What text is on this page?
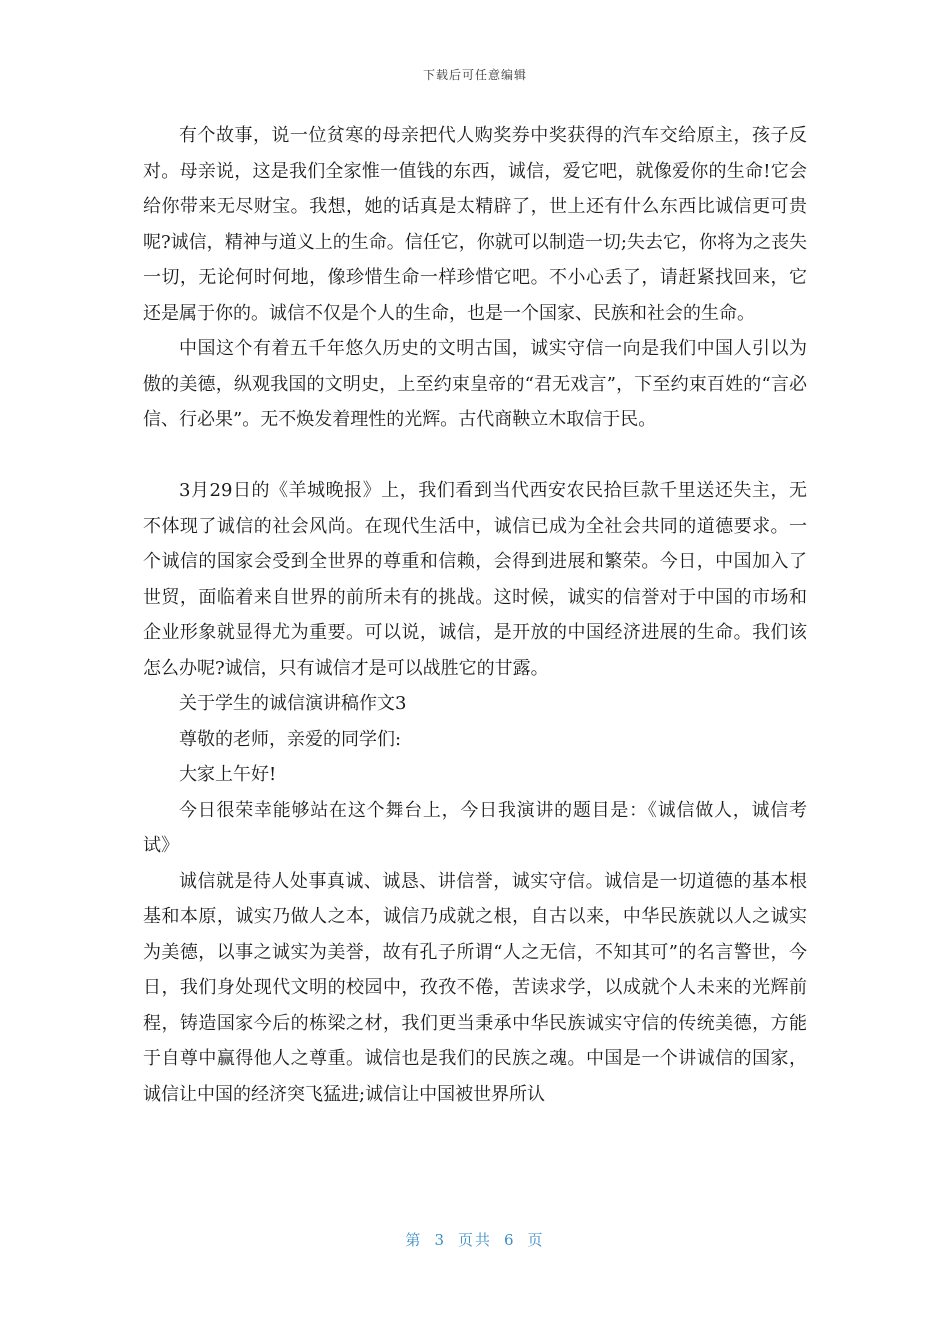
下载后可任意编辑

有个故事，说一位贫寒的母亲把代人购奖券中奖获得的汽车交给原主，孩子反对。母亲说，这是我们全家惟一值钱的东西，诚信，爱它吧，就像爱你的生命!它会给你带来无尽财宝。我想，她的话真是太精辟了，世上还有什么东西比诚信更可贵呢?诚信，精神与道义上的生命。信任它，你就可以制造一切;失去它，你将为之丧失一切，无论何时何地，像珍惜生命一样珍惜它吧。不小心丢了，请赶紧找回来，它还是属于你的。诚信不仅是个人的生命，也是一个国家、民族和社会的生命。

中国这个有着五千年悠久历史的文明古国，诚实守信一向是我们中国人引以为傲的美德，纵观我国的文明史，上至约束皇帝的“君无戏言”，下至约束百姓的“言必信、行必果”。无不焕发着理性的光辉。古代商鞅立木取信于民。

3月29日的《羊城晚报》上，我们看到当代西安农民拾巨款千里送还失主，无不体现了诚信的社会风尚。在现代生活中，诚信已成为全社会共同的道德要求。一个诚信的国家会受到全世界的尊重和信赖，会得到进展和繁荣。今日，中国加入了世贸，面临着来自世界的前所未有的挑战。这时候，诚实的信誉对于中国的市场和企业形象就显得尤为重要。可以说，诚信，是开放的中国经济进展的生命。我们该怎么办呢?诚信，只有诚信才是可以战胜它的甘露。

关于学生的诚信演讲稿作文3

尊敬的老师，亲爱的同学们:

大家上午好!

今日很荣幸能够站在这个舞台上，今日我演讲的题目是：《诚信做人，诚信考试》

诚信就是待人处事真诚、诚恳、讲信誉，诚实守信。诚信是一切道德的基本根基和本原，诚实乃做人之本，诚信乃成就之根，自古以来，中华民族就以人之诚实为美德，以事之诚实为美誉，故有孔子所谓“人之无信，不知其可”的名言警世，今日，我们身处现代文明的校园中，孜孜不倦，苦读求学，以成就个人未来的光辉前程，铸造国家今后的栋梁之材，我们更当秉承中华民族诚实守信的传统美德，方能于自尊中赢得他人之尊重。诚信也是我们的民族之魂。中国是一个讲诚信的国家，诚信让中国的经济突飞猛进;诚信让中国被世界所认

第 3 页共 6 页
